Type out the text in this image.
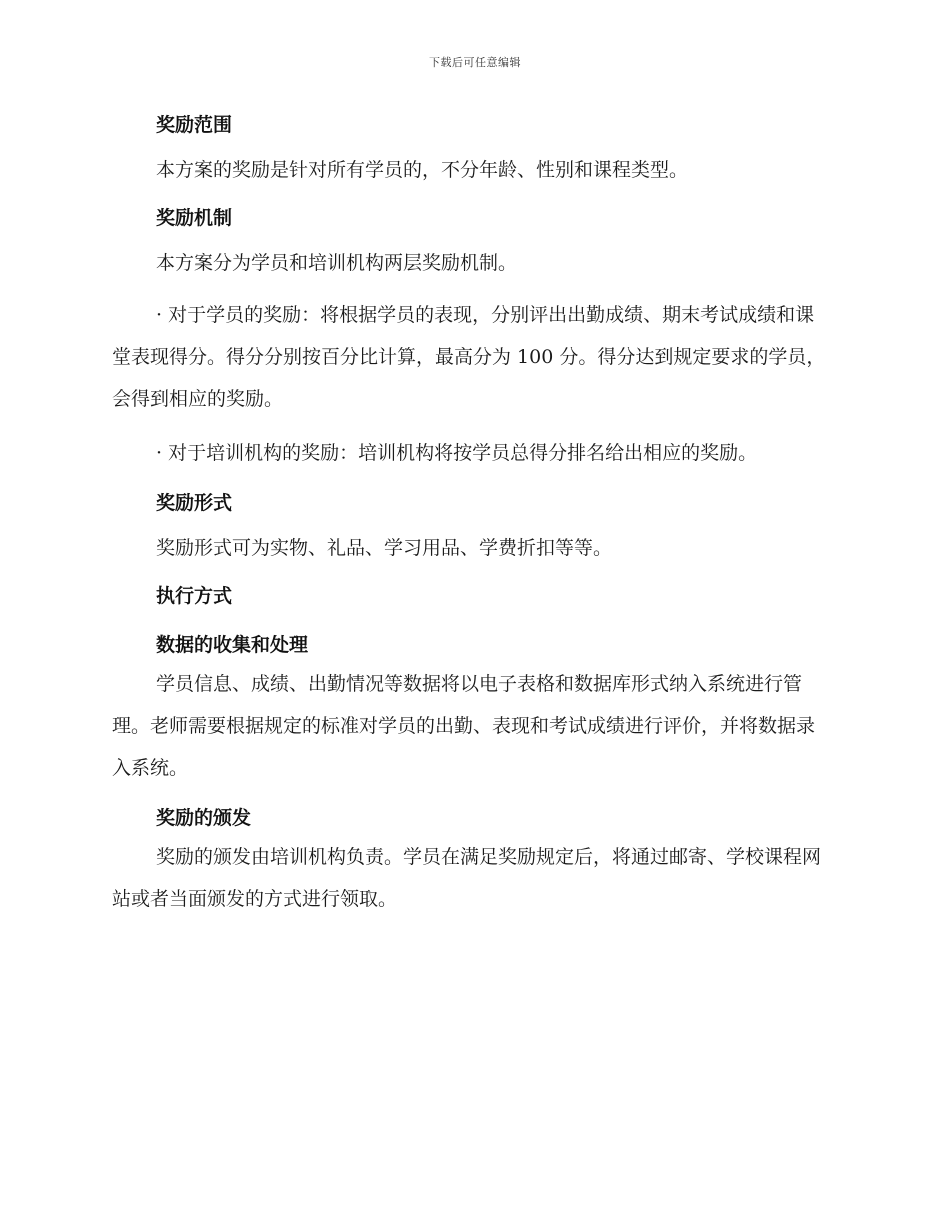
下载后可任意编辑
奖励范围

本方案的奖励是针对所有学员的，不分年龄、性别和课程类型。

奖励机制

本方案分为学员和培训机构两层奖励机制。

· 对于学员的奖励：将根据学员的表现，分别评出出勤成绩、期末考试成绩和课堂表现得分。得分分别按百分比计算，最高分为 100 分。得分达到规定要求的学员，会得到相应的奖励。

· 对于培训机构的奖励：培训机构将按学员总得分排名给出相应的奖励。

奖励形式

奖励形式可为实物、礼品、学习用品、学费折扣等等。

执行方式
数据的收集和处理

学员信息、成绩、出勤情况等数据将以电子表格和数据库形式纳入系统进行管理。老师需要根据规定的标准对学员的出勤、表现和考试成绩进行评价，并将数据录入系统。

奖励的颁发

奖励的颁发由培训机构负责。学员在满足奖励规定后，将通过邮寄、学校课程网站或者当面颁发的方式进行领取。
